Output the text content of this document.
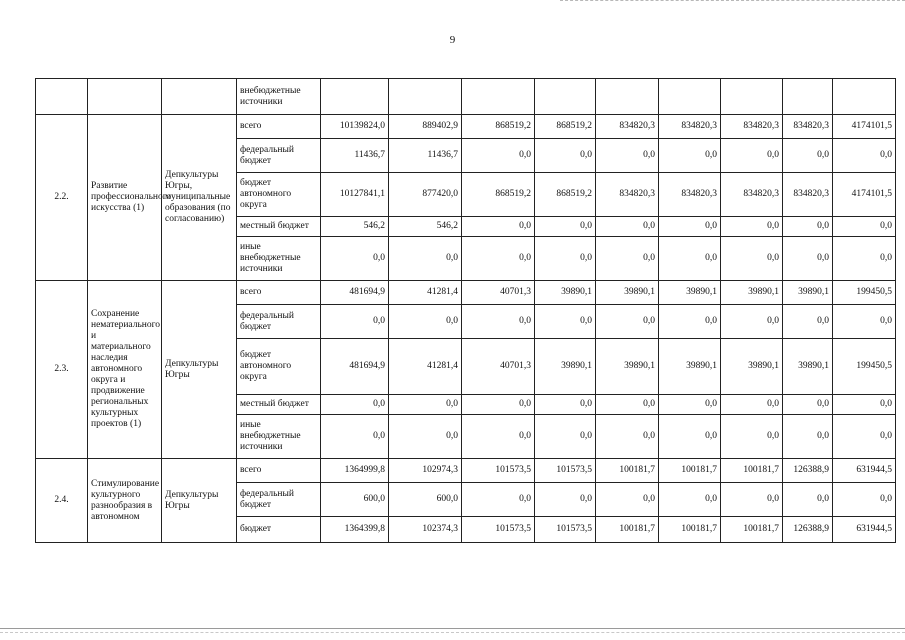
9
			внебюджетные источники									
2.2.	Развитие профессионального искусства (1)	Депкультуры Югры, муниципальные образования (по согласованию)	всего	10139824,0	889402,9	868519,2	868519,2	834820,3	834820,3	834820,3	834820,3	4174101,5
			федеральный бюджет	11436,7	11436,7	0,0	0,0	0,0	0,0	0,0	0,0	0,0
			бюджет автономного округа	10127841,1	877420,0	868519,2	868519,2	834820,3	834820,3	834820,3	834820,3	4174101,5
			местный бюджет	546,2	546,2	0,0	0,0	0,0	0,0	0,0	0,0	0,0
			иные внебюджетные источники	0,0	0,0	0,0	0,0	0,0	0,0	0,0	0,0	0,0
2.3.	Сохранение нематериального и материального наследия автономного округа и продвижение региональных культурных проектов (1)	Депкультуры Югры	всего	481694,9	41281,4	40701,3	39890,1	39890,1	39890,1	39890,1	39890,1	199450,5
			федеральный бюджет	0,0	0,0	0,0	0,0	0,0	0,0	0,0	0,0	0,0
			бюджет автономного округа	481694,9	41281,4	40701,3	39890,1	39890,1	39890,1	39890,1	39890,1	199450,5
			местный бюджет	0,0	0,0	0,0	0,0	0,0	0,0	0,0	0,0	0,0
			иные внебюджетные источники	0,0	0,0	0,0	0,0	0,0	0,0	0,0	0,0	0,0
2.4.	Стимулирование культурного разнообразия в автономном	Депкультуры Югры	всего	1364999,8	102974,3	101573,5	101573,5	100181,7	100181,7	100181,7	126388,9	631944,5
			федеральный бюджет	600,0	600,0	0,0	0,0	0,0	0,0	0,0	0,0	0,0
			бюджет	1364399,8	102374,3	101573,5	101573,5	100181,7	100181,7	100181,7	126388,9	631944,5
